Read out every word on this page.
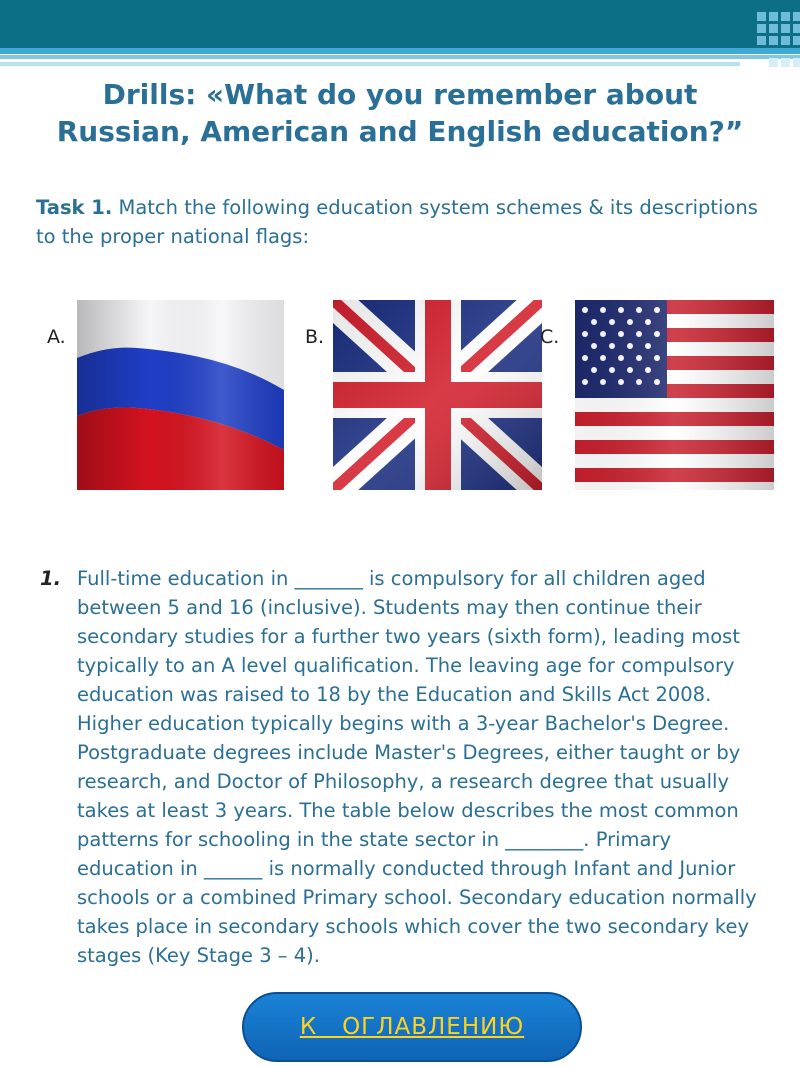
Drills: «What do you remember about
Russian, American and English education?”
Task 1. Match the following education system schemes & its descriptions to the proper national flags:
A.	B.	C.
1. Full-time education in _______ is compulsory for all children aged between 5 and 16 (inclusive). Students may then continue their secondary studies for a further two years (sixth form), leading most typically to an A level qualification. The leaving age for compulsory education was raised to 18 by the Education and Skills Act 2008. Higher education typically begins with a 3-year Bachelor's Degree. Postgraduate degrees include Master's Degrees, either taught or by research, and Doctor of Philosophy, a research degree that usually takes at least 3 years. The table below describes the most common patterns for schooling in the state sector in ________. Primary education in ______ is normally conducted through Infant and Junior schools or a combined Primary school. Secondary education normally takes place in secondary schools which cover the two secondary key stages (Key Stage 3 – 4).
К   ОГЛАВЛЕНИЮ
